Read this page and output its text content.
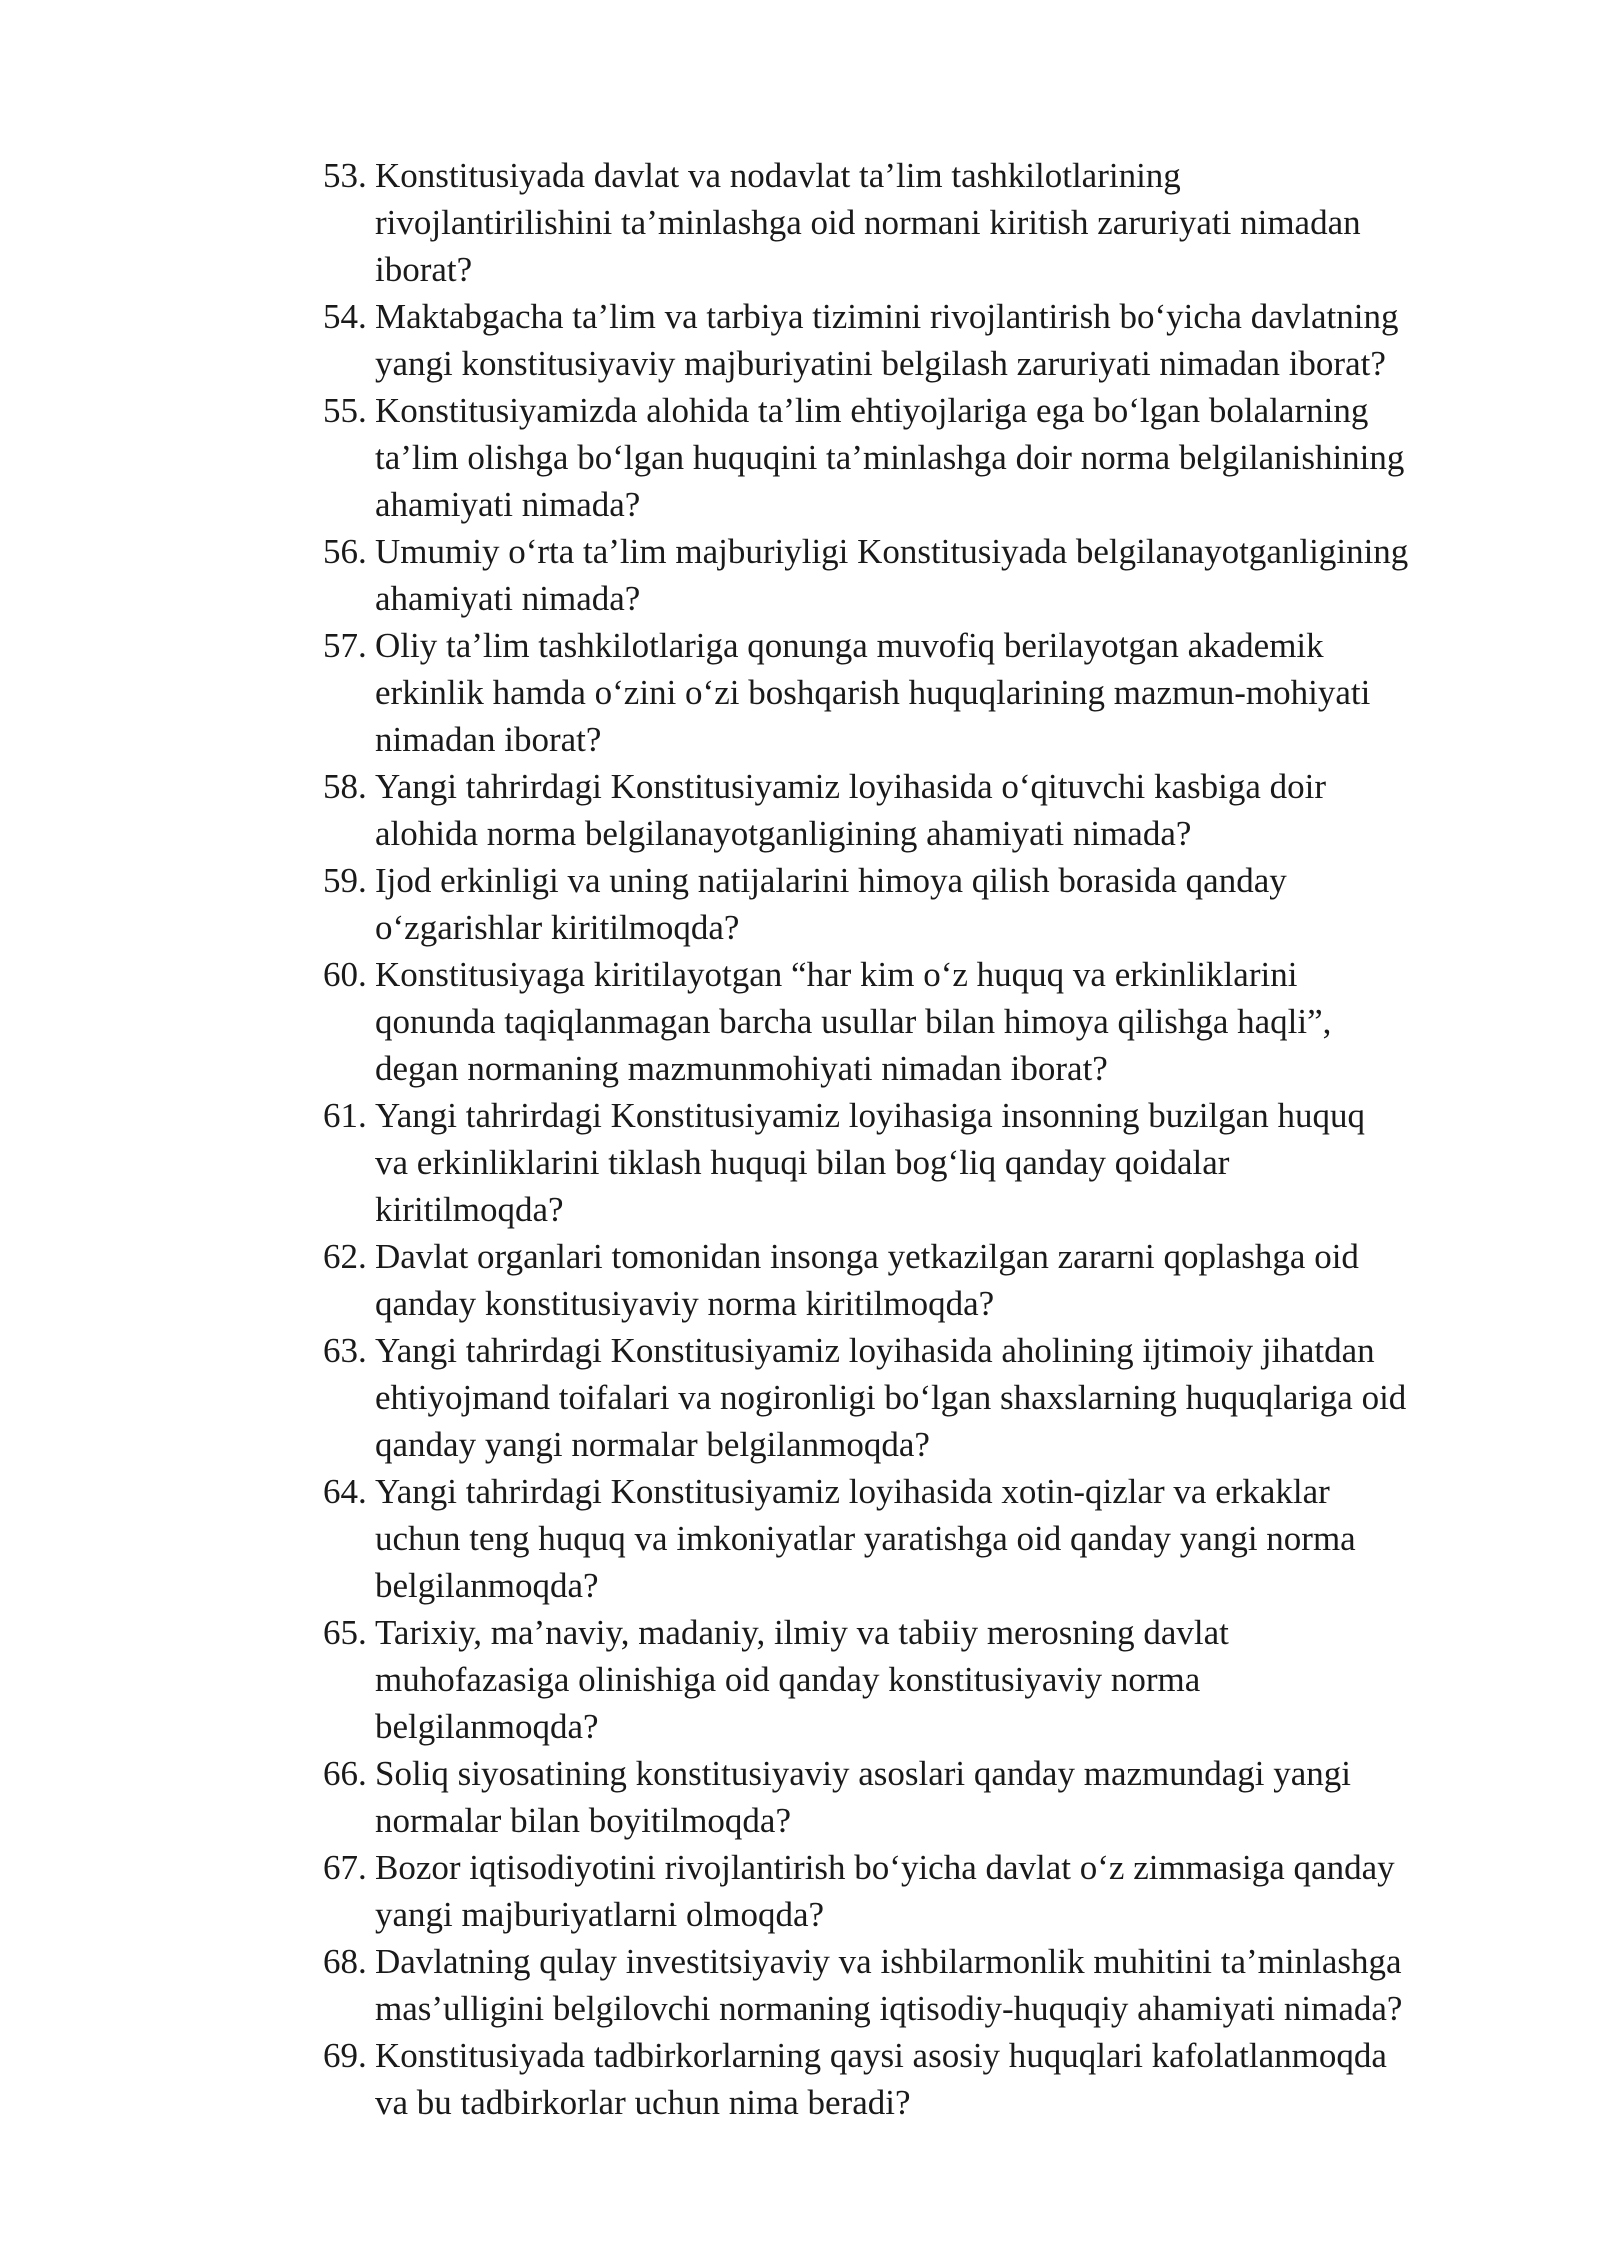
53. Konstitusiyada davlat va nodavlat ta’lim tashkilotlarining
rivojlantirilishini ta’minlashga oid normani kiritish zaruriyati nimadan
iborat?
54. Maktabgacha ta’lim va tarbiya tizimini rivojlantirish bo‘yicha davlatning
yangi konstitusiyaviy majburiyatini belgilash zaruriyati nimadan iborat?
55. Konstitusiyamizda alohida ta’lim ehtiyojlariga ega bo‘lgan bolalarning
ta’lim olishga bo‘lgan huquqini ta’minlashga doir norma belgilanishining
ahamiyati nimada?
56. Umumiy o‘rta ta’lim majburiyligi Konstitusiyada belgilanayotganligining
ahamiyati nimada?
57. Oliy ta’lim tashkilotlariga qonunga muvofiq berilayotgan akademik
erkinlik hamda o‘zini o‘zi boshqarish huquqlarining mazmun-mohiyati
nimadan iborat?
58. Yangi tahrirdagi Konstitusiyamiz loyihasida o‘qituvchi kasbiga doir
alohida norma belgilanayotganligining ahamiyati nimada?
59. Ijod erkinligi va uning natijalarini himoya qilish borasida qanday
o‘zgarishlar kiritilmoqda?
60. Konstitusiyaga kiritilayotgan “har kim o‘z huquq va erkinliklarini
qonunda taqiqlanmagan barcha usullar bilan himoya qilishga haqli”,
degan normaning mazmunmohiyati nimadan iborat?
61. Yangi tahrirdagi Konstitusiyamiz loyihasiga insonning buzilgan huquq
va erkinliklarini tiklash huquqi bilan bog‘liq qanday qoidalar
kiritilmoqda?
62. Davlat organlari tomonidan insonga yetkazilgan zararni qoplashga oid
qanday konstitusiyaviy norma kiritilmoqda?
63. Yangi tahrirdagi Konstitusiyamiz loyihasida aholining ijtimoiy jihatdan
ehtiyojmand toifalari va nogironligi bo‘lgan shaxslarning huquqlariga oid
qanday yangi normalar belgilanmoqda?
64. Yangi tahrirdagi Konstitusiyamiz loyihasida xotin-qizlar va erkaklar
uchun teng huquq va imkoniyatlar yaratishga oid qanday yangi norma
belgilanmoqda?
65. Tarixiy, ma’naviy, madaniy, ilmiy va tabiiy merosning davlat
muhofazasiga olinishiga oid qanday konstitusiyaviy norma
belgilanmoqda?
66. Soliq siyosatining konstitusiyaviy asoslari qanday mazmundagi yangi
normalar bilan boyitilmoqda?
67. Bozor iqtisodiyotini rivojlantirish bo‘yicha davlat o‘z zimmasiga qanday
yangi majburiyatlarni olmoqda?
68. Davlatning qulay investitsiyaviy va ishbilarmonlik muhitini ta’minlashga
mas’ulligini belgilovchi normaning iqtisodiy-huquqiy ahamiyati nimada?
69. Konstitusiyada tadbirkorlarning qaysi asosiy huquqlari kafolatlanmoqda
va bu tadbirkorlar uchun nima beradi?
